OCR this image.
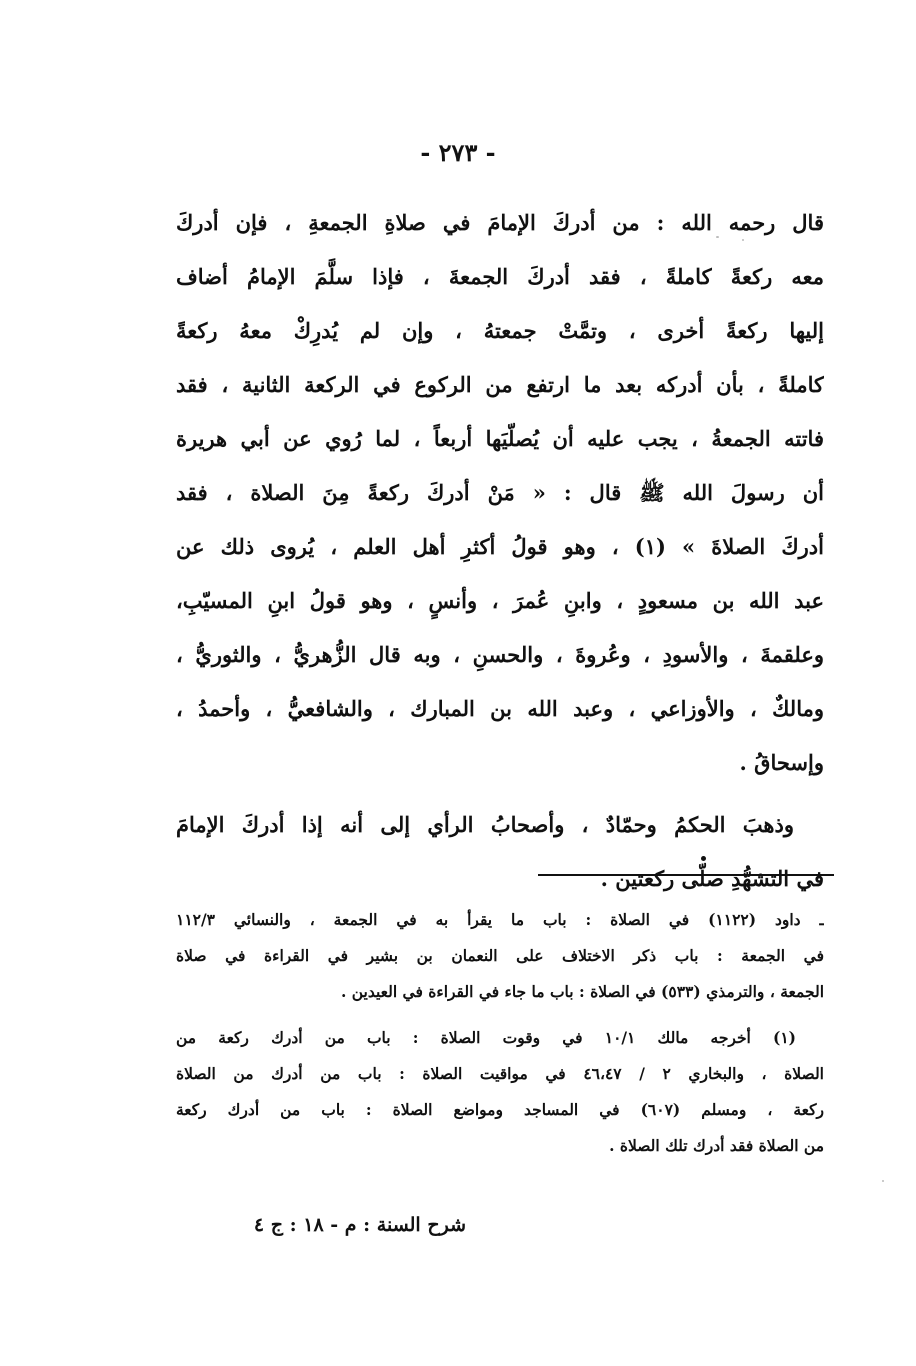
- ٢٧٣ -
قال رحمه الله : من أدركَ الإمامَ في صلاةِ الجمعةِ ، فإن أدركَ
معه ركعةً كاملةً ، فقد أدركَ الجمعةَ ، فإذا سلَّمَ الإمامُ أضاف
إليها ركعةً أخرى ، وتمَّتْ جمعتهُ ، وإن لم يُدرِكْ معهُ ركعةً
كاملةً ، بأن أدركه بعد ما ارتفع من الركوع في الركعة الثانية ، فقد
فاتته الجمعةُ ، يجب عليه أن يُصلّيَها أربعاً ، لما رُوي عن أبي هريرة
أن رسولَ الله ﷺ قال : « مَنْ أدركَ ركعةً مِنَ الصلاة ، فقد
أدركَ الصلاةَ » (١) ، وهو قولُ أكثرِ أهل العلم ، يُروى ذلك عن
عبد الله بن مسعودٍ ، وابنِ عُمرَ ، وأنسٍ ، وهو قولُ ابنِ المسيّبِ،
وعلقمةَ ، والأسودِ ، وعُروةَ ، والحسنِ ، وبه قال الزُّهريُّ ، والثوريُّ ،
ومالكٌ ، والأوزاعي ، وعبد الله بن المبارك ، والشافعيُّ ، وأحمدُ ،
وإسحاقُ .
وذهبَ الحكمُ وحمّادٌ ، وأصحابُ الرأي إلى أنه إذا أدركَ الإمامَ
في التشهُّدِ صلّى ركعتين .
ـ داود (١١٢٢) في الصلاة : باب ما يقرأ به في الجمعة ، والنسائي ١١٢/٣
في الجمعة : باب ذكر الاختلاف على النعمان بن بشير في القراءة في صلاة
الجمعة ، والترمذي (٥٣٣) في الصلاة : باب ما جاء في القراءة في العيدين .
(١) أخرجه مالك ١٠/١ في وقوت الصلاة : باب من أدرك ركعة من
الصلاة ، والبخاري ٢ / ٤٦،٤٧ في مواقيت الصلاة : باب من أدرك من الصلاة
ركعة ، ومسلم (٦٠٧) في المساجد ومواضع الصلاة : باب من أدرك ركعة
من الصلاة فقد أدرك تلك الصلاة .
شرح السنة : م - ١٨ : ج ٤
